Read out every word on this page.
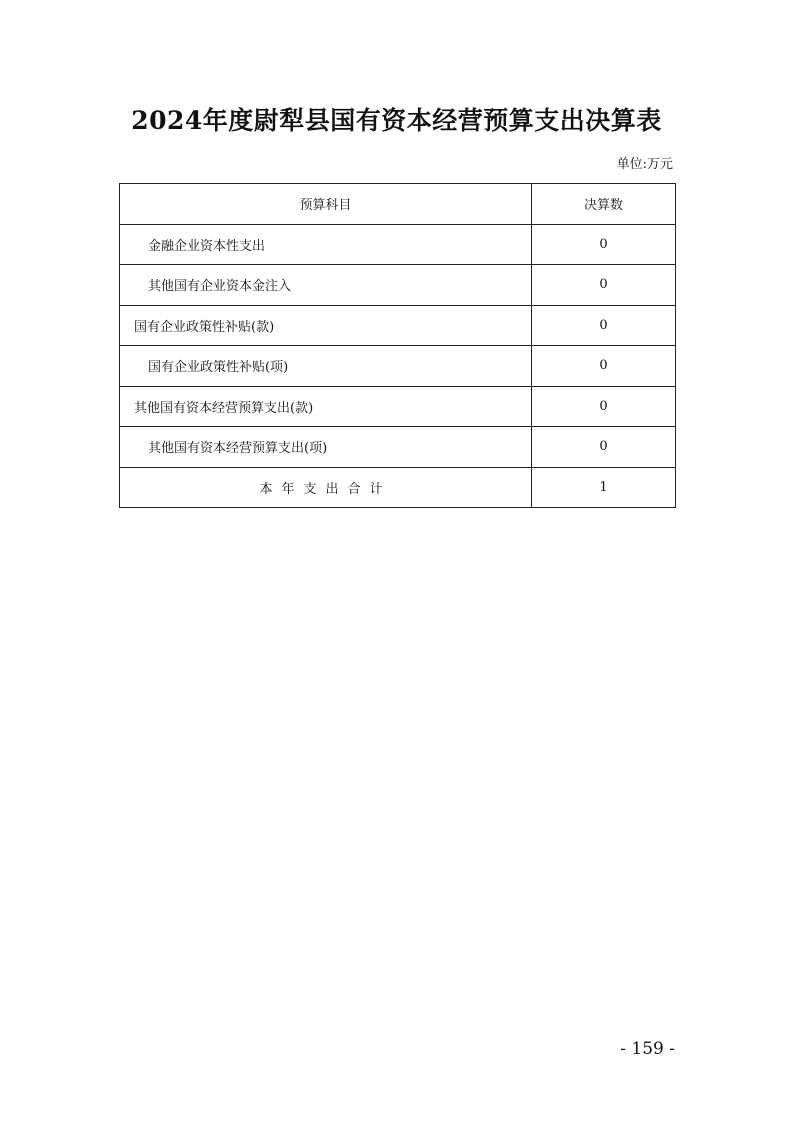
2024年度尉犁县国有资本经营预算支出决算表
单位:万元
预算科目	决算数
金融企业资本性支出	0
其他国有企业资本金注入	0
国有企业政策性补贴(款)	0
国有企业政策性补贴(项)	0
其他国有资本经营预算支出(款)	0
其他国有资本经营预算支出(项)	0
本年支出合计	1
- 159 -
